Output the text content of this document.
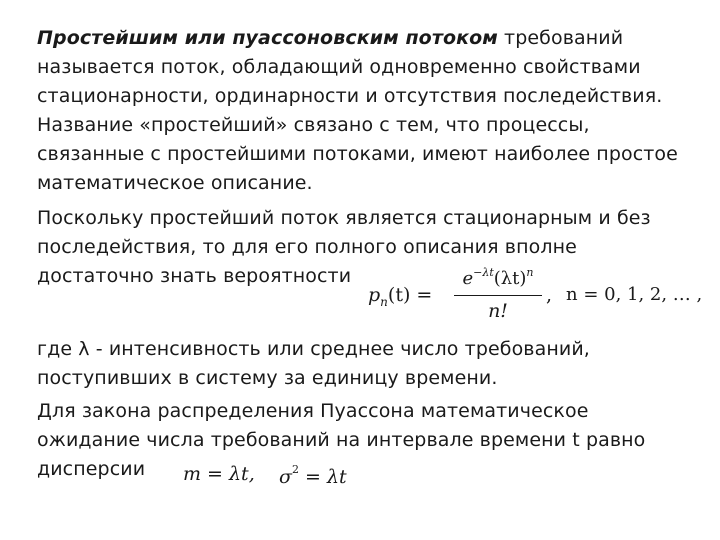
Простейшим или пуассоновским потоком требований называется поток, обладающий одновременно свойствами стационарности, ординарности и отсутствия последействия. Название «простейший» связано с тем, что процессы, связанные с простейшими потоками, имеют наиболее простое математическое описание.

Поскольку простейший поток является стационарным и без последействия, то для его полного описания вполне достаточно знать вероятности

$p_n(t)$ =
$e^{-\lambda t}(\lambda t)^n$
n!
, n = 0, 1, 2, … ,

где λ - интенсивность или среднее число требований, поступивших в систему за единицу времени.

Для закона распределения Пуассона математическое ожидание числа требований на интервале времени t равно дисперсии	m = λt, $\sigma^2 = \lambda t$
